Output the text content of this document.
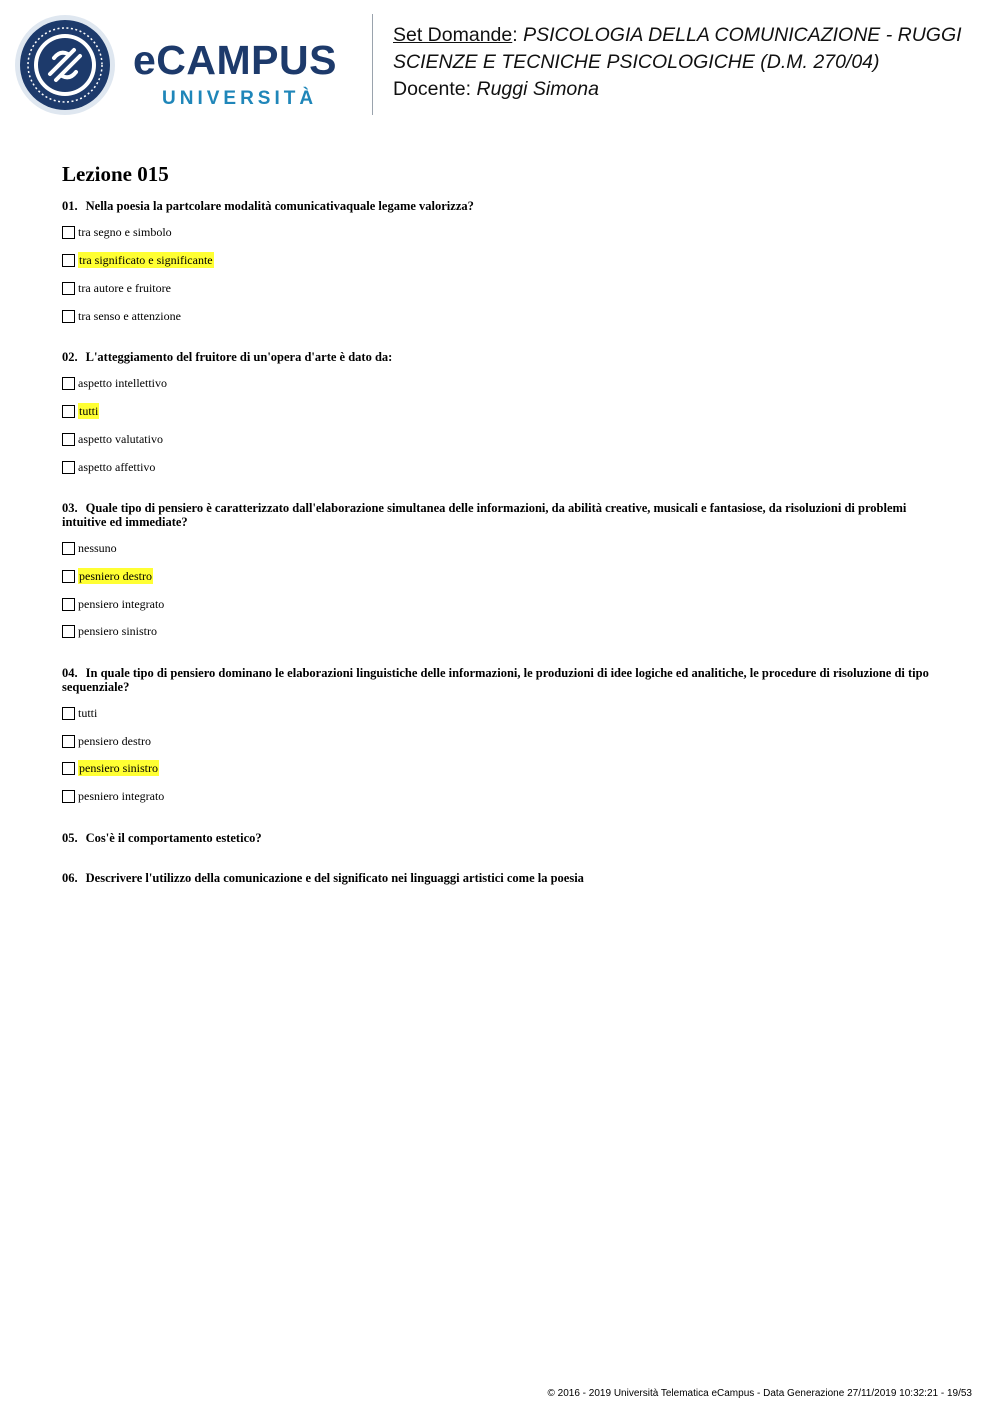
eCAMPUS
UNIVERSITÀ
Set Domande: PSICOLOGIA DELLA COMUNICAZIONE - RUGGI
SCIENZE E TECNICHE PSICOLOGICHE (D.M. 270/04)
Docente: Ruggi Simona
Lezione 015
01. Nella poesia la partcolare modalità comunicativaquale legame valorizza?
tra segno e simbolo
tra significato e significante
tra autore e fruitore
tra senso e attenzione
02. L'atteggiamento del fruitore di un'opera d'arte è dato da:
aspetto intellettivo
tutti
aspetto valutativo
aspetto affettivo
03. Quale tipo di pensiero è caratterizzato dall'elaborazione simultanea delle informazioni, da abilità creative, musicali e fantasiose, da risoluzioni di problemi intuitive ed immediate?
nessuno
pesniero destro
pensiero integrato
pensiero sinistro
04. In quale tipo di pensiero dominano le elaborazioni linguistiche delle informazioni, le produzioni di idee logiche ed analitiche, le procedure di risoluzione di tipo sequenziale?
tutti
pensiero destro
pensiero sinistro
pesniero integrato
05. Cos'è il comportamento estetico?
06. Descrivere l'utilizzo della comunicazione e del significato nei linguaggi artistici come la poesia
© 2016 - 2019 Università Telematica eCampus - Data Generazione 27/11/2019 10:32:21 - 19/53
